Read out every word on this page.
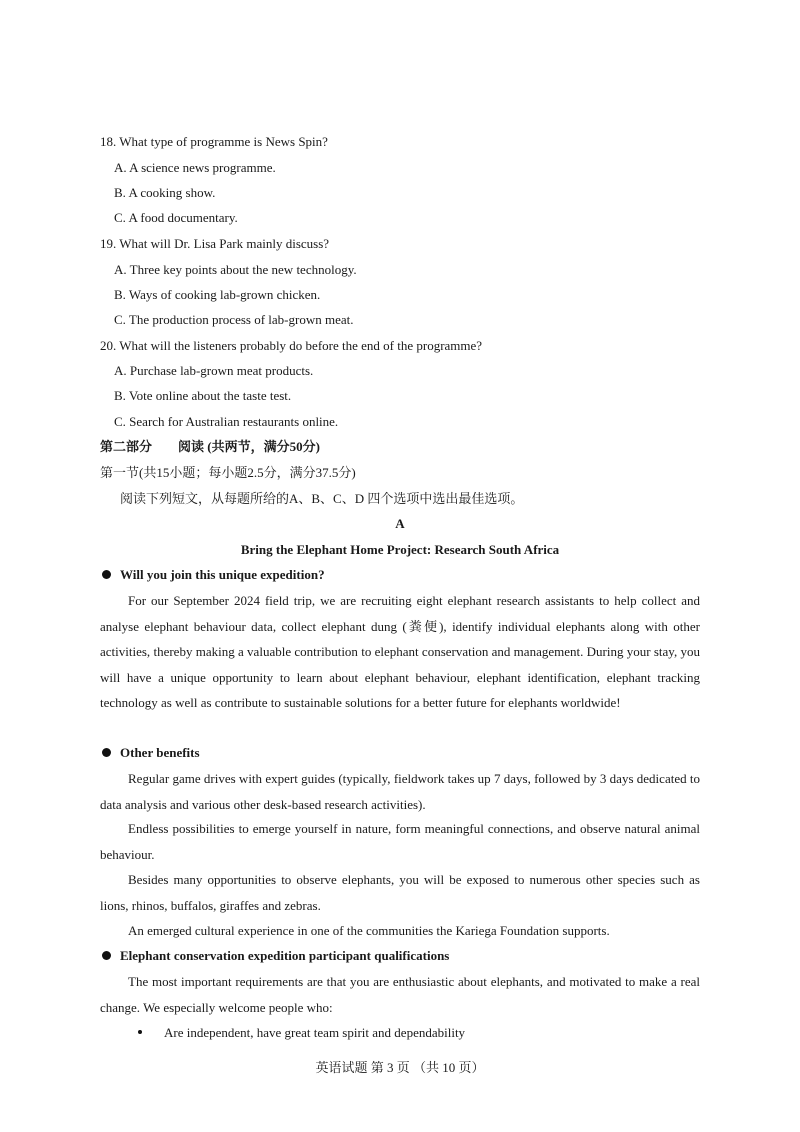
18. What type of programme is News Spin?
A. A science news programme.
B. A cooking show.
C. A food documentary.
19. What will Dr. Lisa Park mainly discuss?
A. Three key points about the new technology.
B. Ways of cooking lab-grown chicken.
C. The production process of lab-grown meat.
20. What will the listeners probably do before the end of the programme?
A. Purchase lab-grown meat products.
B. Vote online about the taste test.
C. Search for Australian restaurants online.
第二部分　　阅读 (共两节，满分50分)
第一节(共15小题；每小题2.5分，满分37.5分)
阅读下列短文，从每题所给的A、B、C、D 四个选项中选出最佳选项。
A
Bring the Elephant Home Project: Research South Africa
Will you join this unique expedition?
For our September 2024 field trip, we are recruiting eight elephant research assistants to help collect and analyse elephant behaviour data, collect elephant dung (粪便), identify individual elephants along with other activities, thereby making a valuable contribution to elephant conservation and management. During your stay, you will have a unique opportunity to learn about elephant behaviour, elephant identification, elephant tracking technology as well as contribute to sustainable solutions for a better future for elephants worldwide!
Other benefits
Regular game drives with expert guides (typically, fieldwork takes up 7 days, followed by 3 days dedicated to data analysis and various other desk-based research activities).
Endless possibilities to emerge yourself in nature, form meaningful connections, and observe natural animal behaviour.
Besides many opportunities to observe elephants, you will be exposed to numerous other species such as lions, rhinos, buffalos, giraffes and zebras.
An emerged cultural experience in one of the communities the Kariega Foundation supports.
Elephant conservation expedition participant qualifications
The most important requirements are that you are enthusiastic about elephants, and motivated to make a real change. We especially welcome people who:
Are independent, have great team spirit and dependability
英语试题 第 3 页 （共 10 页）
